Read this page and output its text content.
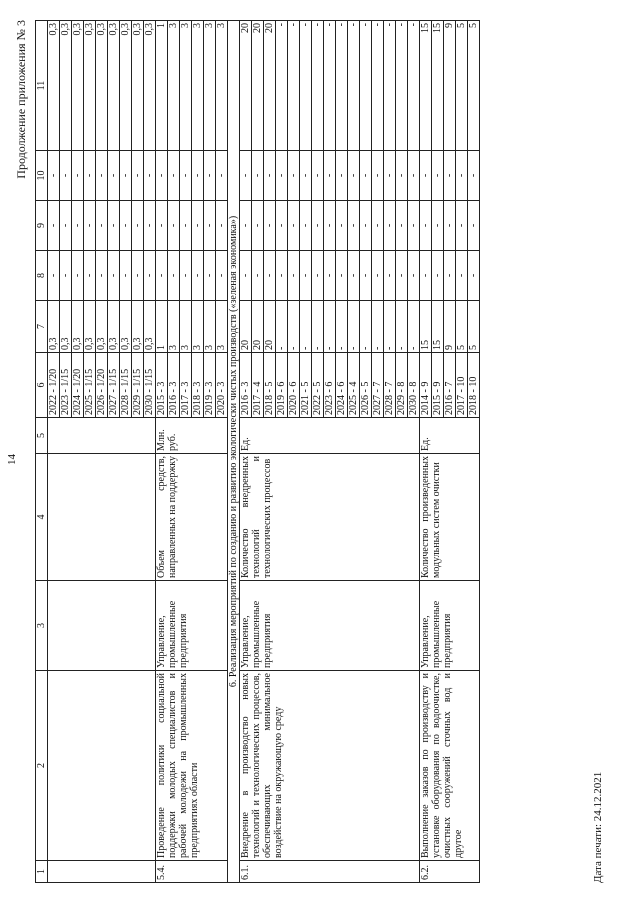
14
Продолжение приложения № 3
1	2	3	4	5	6	7	8	9	10	11
					2022 - 1/20	0,3	-	-	-	0,3
					2023 - 1/15	0,3	-	-	-	0,3
					2024 - 1/20	0,3	-	-	-	0,3
					2025 - 1/15	0,3	-	-	-	0,3
					2026 - 1/20	0,3	-	-	-	0,3
					2027 - 1/15	0,3	-	-	-	0,3
					2028 - 1/15	0,3	-	-	-	0,3
					2029 - 1/15	0,3	-	-	-	0,3
					2030 - 1/15	0,3	-	-	-	0,3
5.4.	Проведение политики социальной поддержки молодых специалистов и рабочей молодежи на промышленных предприятиях области	Управление, промышленные предприятия	Объем средств, направленных на поддержку	Млн. руб.	2015 - 3	1	-	-	-	1
					2016 - 3	3	-	-	-	3
					2017 - 3	3	-	-	-	3
					2018 - 3	3	-	-	-	3
					2019 - 3	3	-	-	-	3
					2020 - 3	3	-	-	-	3
6. Реализация мероприятий по созданию и развитию экологически чистых производств («зеленая экономика»)										
6.1.	Внедрение в производство новых технологий и технологических процессов, обеспечивающих минимальное воздействие на окружающую среду	Управление, промышленные предприятия	Количество внедренных технологий и технологических процессов	Ед.	2016 - 3	20	-	-	-	20
					2017 - 4	20	-	-	-	20
					2018 - 5	20	-	-	-	20
					2019 - 6	-	-	-	-	-
					2020 - 6	-	-	-	-	-
					2021 - 5	-	-	-	-	-
					2022 - 5	-	-	-	-	-
					2023 - 6	-	-	-	-	-
					2024 - 6	-	-	-	-	-
					2025 - 4	-	-	-	-	-
					2026 - 5	-	-	-	-	-
					2027 - 7	-	-	-	-	-
					2028 - 7	-	-	-	-	-
					2029 - 8	-	-	-	-	-
					2030 - 8	-	-	-	-	-
6.2.	Выполнение заказов по производству и установке оборудования по водоочистке, очистных сооружений сточных вод и другое	Управление, промышленные предприятия	Количество произведенных модульных систем очистки	Ед.	2014 - 9	15	-	-	-	15
					2015 - 9	15	-	-	-	15
					2016 - 7	9	-	-	-	9
					2017 - 10	5	-	-	-	5
					2018 - 10	5	-	-	-	5
Дата печати: 24.12.2021
